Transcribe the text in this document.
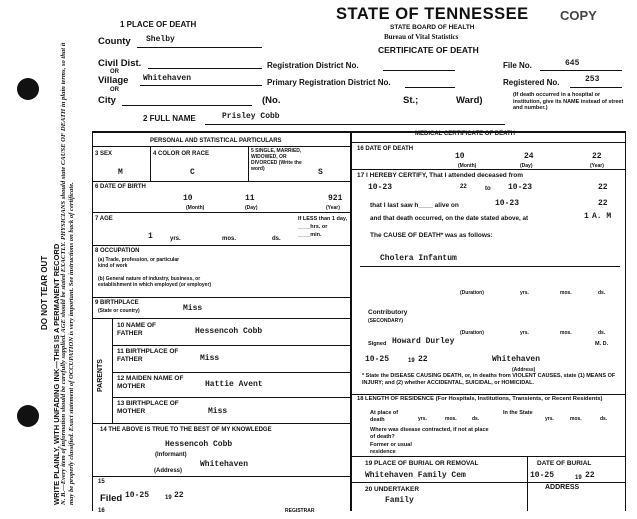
DO NOT TEAR OUT WRITE PLAINLY, WITH UNFADING INK—THIS IS A PERMANENT RECORD N. B.—Every item of information should be carefully supplied. AGE should be stated EXACTLY. PHYSICIANS should state CAUSE OF DEATH in plain terms, so that it may be properly classified. Exact statement of OCCUPATION is very important. See instructions on back of certificate.
1 PLACE OF DEATH
STATE OF TENNESSEE
STATE BOARD OF HEALTH
Bureau of Vital Statistics
CERTIFICATE OF DEATH
COPY
County Shelby
Civil Dist.
OR
Village Whitehaven
OR
City
Registration District No.
Primary Registration District No.
File No.	645
Registered No.	253
(No.	St.;	Ward)	(If death occurred in a hospital or institution, give its NAME instead of street and number.)
2 FULL NAME	Prisley Cobb
PERSONAL AND STATISTICAL PARTICULARS
3 SEX
M
4 COLOR OR RACE
C
5 SINGLE, MARRIED, WIDOWED, OR DIVORCED (Write the word)	S
6 DATE OF BIRTH
10	11	921
(Month)	(Day)	(Year)
7 AGE
1	yrs.	mos.	ds.
If LESS than 1 day, ____hrs. or ____min.
8 OCCUPATION
(a) Trade, profession, or particular kind of work
(b) General nature of industry, business, or establishment in which employed (or employer)
9 BIRTHPLACE
(State or country)	Miss
PARENTS
10 NAME OF FATHER	Hessencoh Cobb
11 BIRTHPLACE OF FATHER	Miss
12 MAIDEN NAME OF MOTHER	Hattie Avent
13 BIRTHPLACE OF MOTHER	Miss
14 THE ABOVE IS TRUE TO THE BEST OF MY KNOWLEDGE
Hessencoh Cobb
(Informant)
(Address)
Whitehaven
15
Filed 10-25	19 22
REGISTRAR
16
MEDICAL CERTIFICATE OF DEATH
16 DATE OF DEATH
10	24	22
(Month)	(Day)	(Year)
17 I HEREBY CERTIFY, That I attended deceased from
10-23	22	to 10-23	22
that I last saw h____ alive on	10-23	22
and that death occurred, on the date stated above, at	1 A. M
The CAUSE OF DEATH* was as follows:
Cholera Infantum
(Duration)	yrs.	mos.	ds.
Contributory
(SECONDARY)
(Duration)	yrs.	mos.	ds.
Signed Howard Durley	M. D.
10-25	19 22	Whitehaven
(Address)
* State the DISEASE CAUSING DEATH, or, in deaths from VIOLENT CAUSES, state (1) MEANS OF INJURY; and (2) whether ACCIDENTAL, SUICIDAL, or HOMICIDAL.
18 LENGTH OF RESIDENCE (For Hospitals, Institutions, Transients, or Recent Residents)
At place of death	yrs.	mos.	ds.
In the State
yrs.	mos.	ds.
Where was disease contracted, if not at place of death?
Former or usual residence
19 PLACE OF BURIAL OR REMOVAL	DATE OF BURIAL
Whitehaven Family Cem	10-25	19 22
20 UNDERTAKER	ADDRESS
Family
